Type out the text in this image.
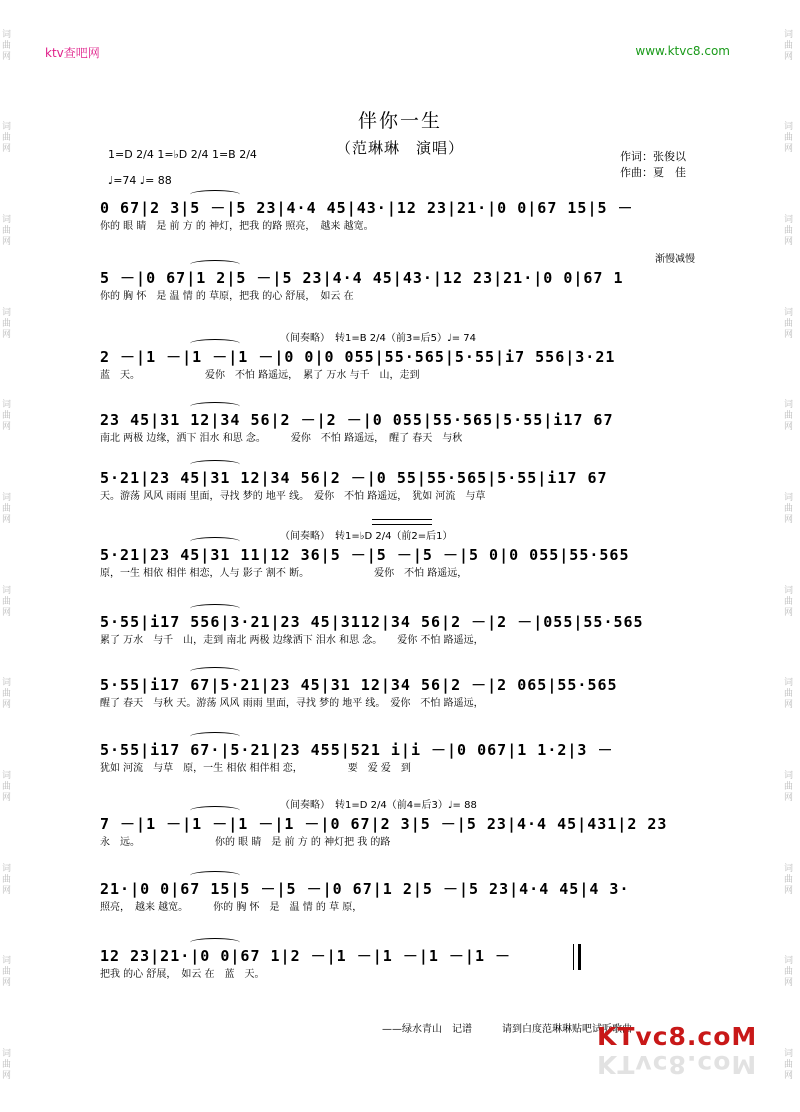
词曲网
词曲网
词曲网
词曲网
词曲网
词曲网
词曲网
词曲网
词曲网
词曲网
词曲网
词曲网
词曲网
词曲网
词曲网
词曲网
词曲网
词曲网
词曲网
词曲网
词曲网
词曲网
词曲网
词曲网
ktv查吧网	www.ktvc8.com
伴你一生
（范琳琳　演唱）
1=D 2/4 1=♭D 2/4 1=B 2/4
♩=74 ♩= 88
作词：张俊以
作曲：夏　佳
0 67|2 3|5 －|5 23|4·4 45|43·|12 23|21·|0 0|67 15|5 －
你的 眼 睛　是 前 方 的 神灯，把我 的路 照亮，　越来 越宽。
5 －|0 67|1 2|5 －|5 23|4·4 45|43·|12 23|21·|0 0|67 1
你的 胸 怀　是 温 情 的 草原，把我 的心 舒展，　如云 在
渐慢减慢
2 －|1 －|1 －|1 －|0 0|0 055|55·565|5·55|i7 556|3·21
蓝　天。　　　　　　　爱你　不怕 路遥远，　累了 万水 与千　山，走到
（间奏略）　转1=B 2/4（前3=后5）♩= 74
23 45|31 12|34 56|2 －|2 －|0 055|55·565|5·55|i17 67
南北 两极 边缘，洒下 泪水 和思 念。　　　爱你　不怕 路遥远，　醒了 春天　与秋
5·21|23 45|31 12|34 56|2 －|0 55|55·565|5·55|i17 67
天。游荡 风风 雨雨 里面，寻找 梦的 地平 线。　爱你　不怕 路遥远，　犹如 河流　与草
5·21|23 45|31 11|12 36|5 －|5 －|5 －|5 0|0 055|55·565
原，一生 相依 相伴 相恋，人与 影子 割不 断。　　　　　　　爱你　不怕 路遥远，
（间奏略）　转1=♭D 2/4（前2=后1）
5·55|i17 556|3·21|23 45|3112|34 56|2 －|2 －|055|55·565
累了 万水　与千　山，走到 南北 两极 边缘洒下 泪水 和思 念。　　爱你 不怕 路遥远，
5·55|i17 67|5·21|23 45|31 12|34 56|2 －|2 065|55·565
醒了 春天　与秋 天。游荡 风风 雨雨 里面，寻找 梦的 地平 线。　爱你　不怕 路遥远，
5·55|i17 67·|5·21|23 455|521 i|i －|0 067|1 1·2|3 －
犹如 河流　与草　原，一生 相依 相伴相 恋，　　　　　要　爱 爱　到
7 －|1 －|1 －|1 －|1 －|0 67|2 3|5 －|5 23|4·4 45|431|2 23
永　远。　　　　　　　　你的 眼 睛　是 前 方 的 神灯把 我 的路
（间奏略）　转1=D 2/4（前4=后3）♩= 88
21·|0 0|67 15|5 －|5 －|0 67|1 2|5 －|5 23|4·4 45|4 3·
照亮，　越来 越宽。　　　你的 胸 怀　是　温 情 的 草 原，
12 23|21·|0 0|67 1|2 －|1 －|1 －|1 －|1 －
把我 的心 舒展，　如云 在　蓝　天。
——绿水青山　记谱　　　请到白度范琳琳贴吧试听歌曲
KTvc8.coM
KTvc8.coM
